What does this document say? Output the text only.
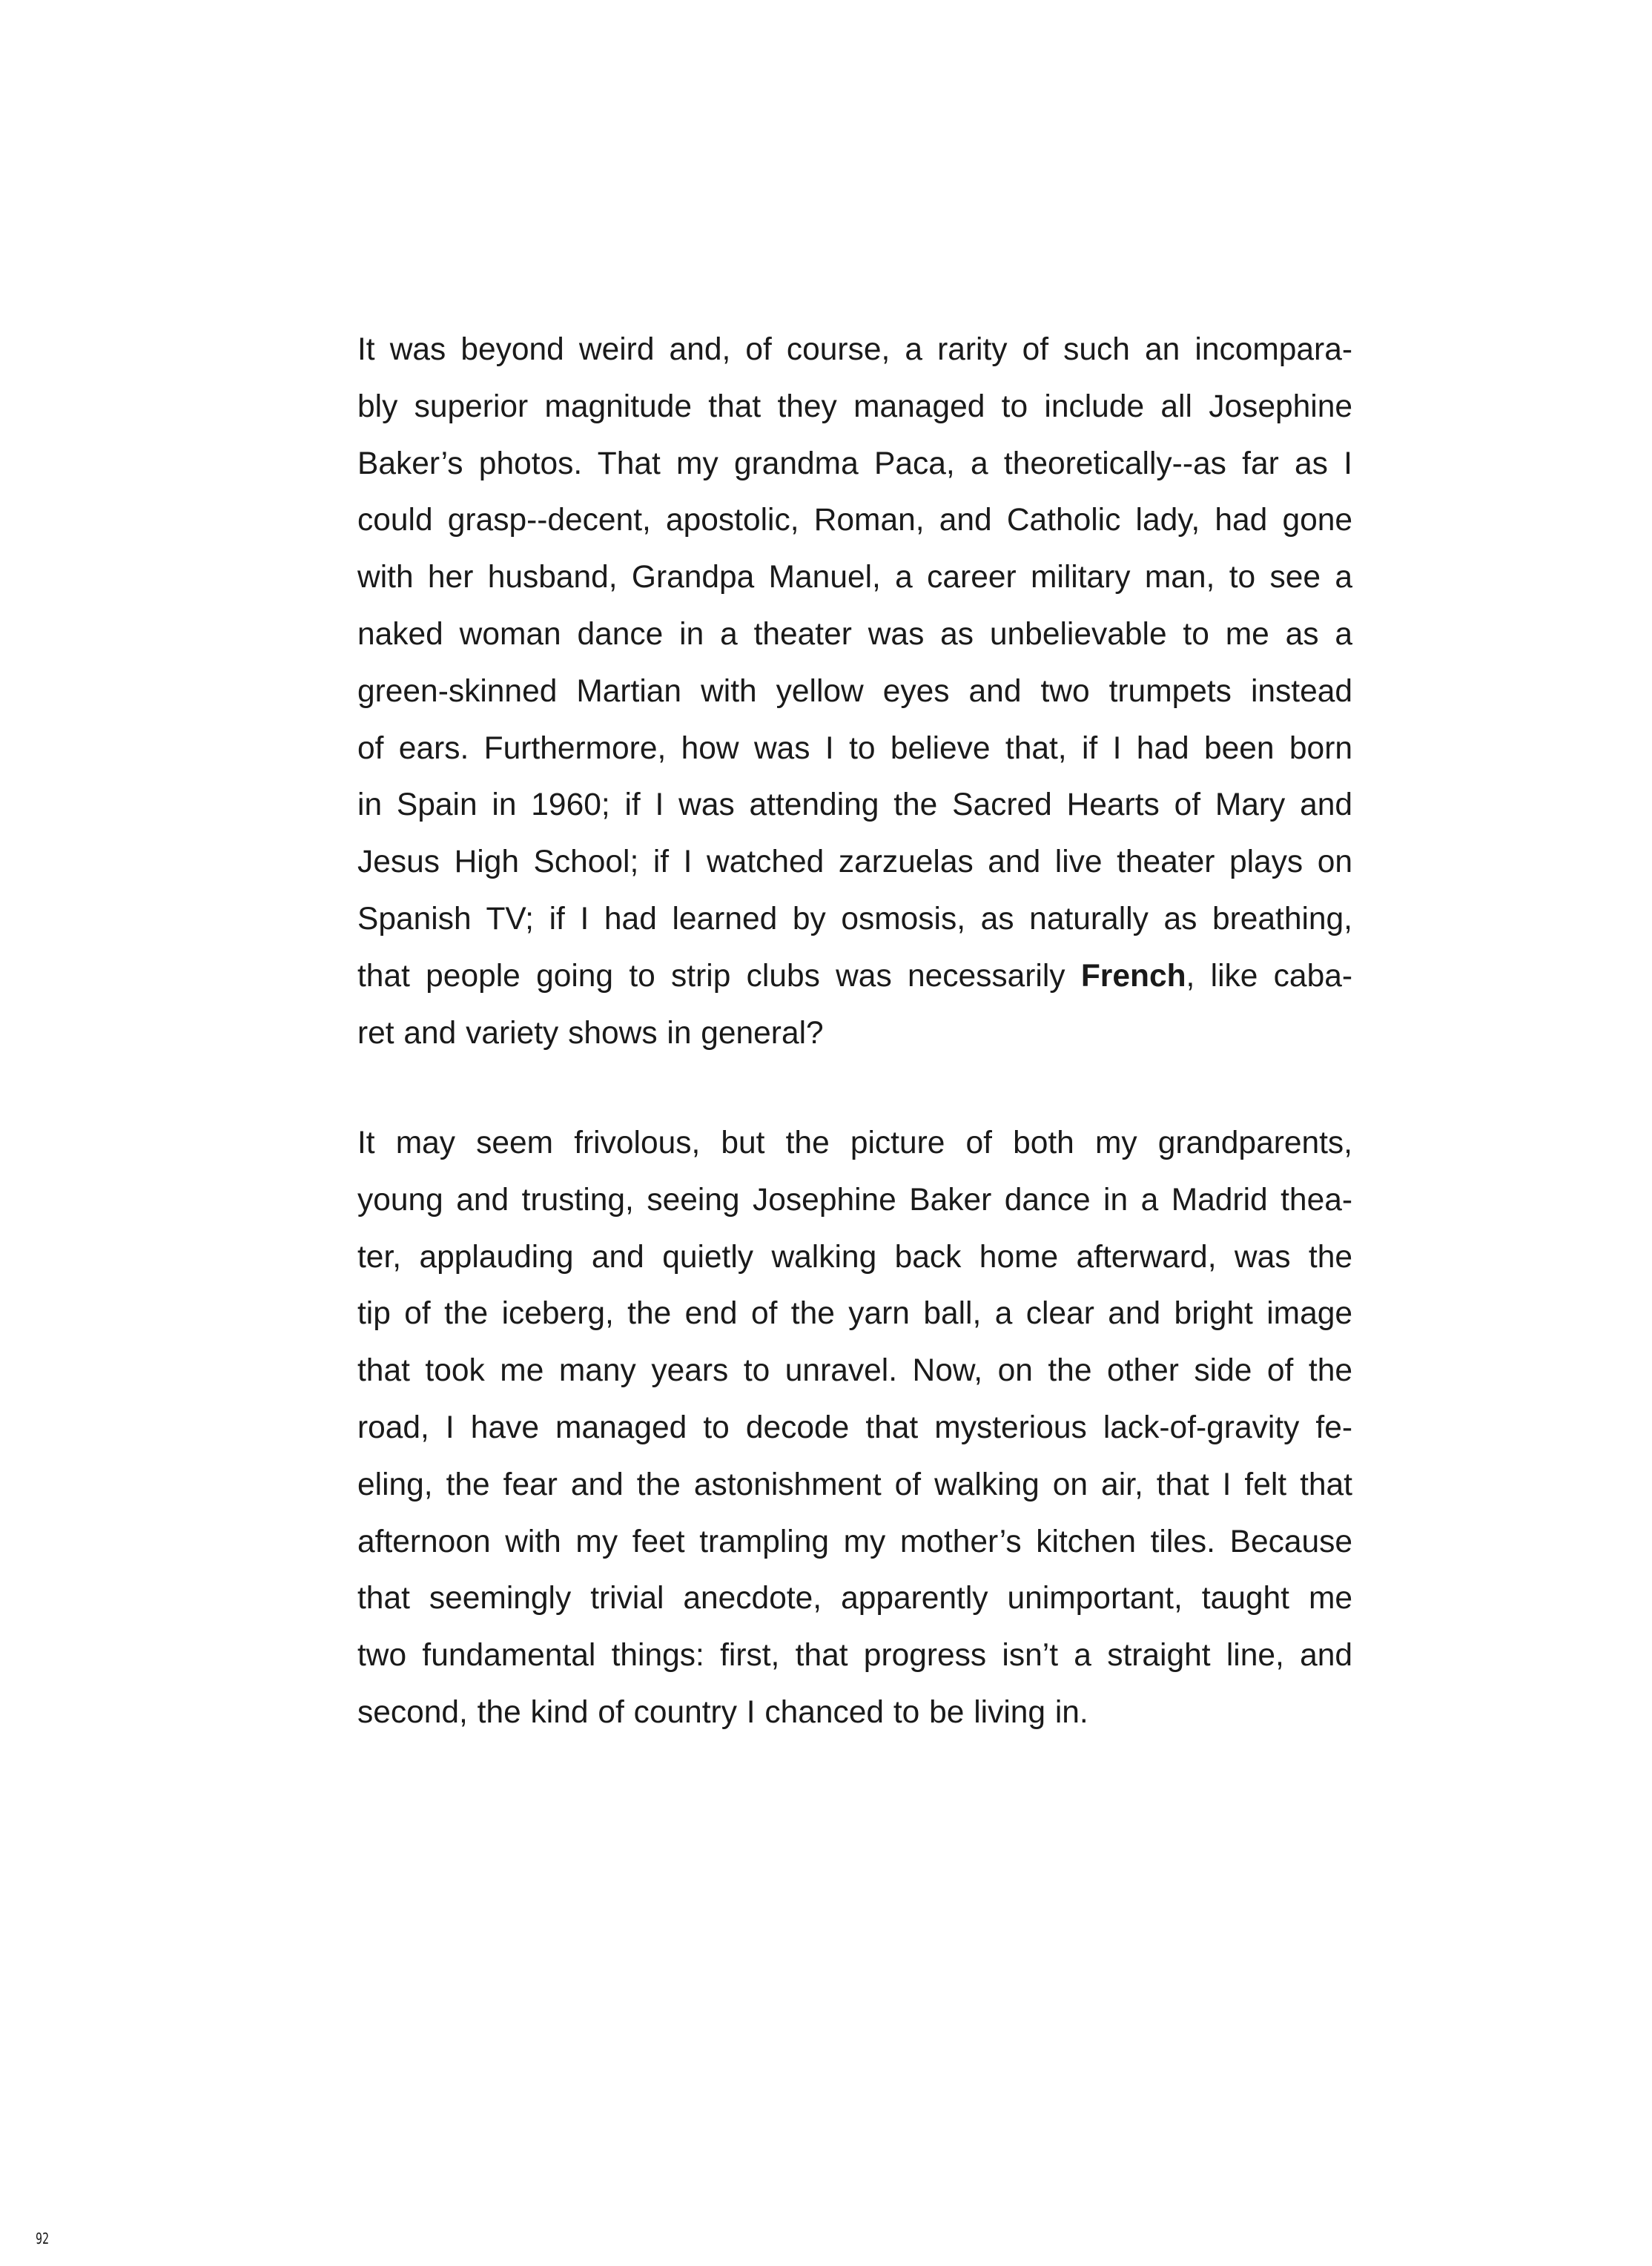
It was beyond weird and, of course, a rarity of such an incompara-
bly superior magnitude that they managed to include all Josephine
Baker’s photos. That my grandma Paca, a theoretically--as far as I
could grasp--decent, apostolic, Roman, and Catholic lady, had gone
with her husband, Grandpa Manuel, a career military man, to see a
naked woman dance in a theater was as unbelievable to me as a
green-skinned Martian with yellow eyes and two trumpets instead
of ears. Furthermore, how was I to believe that, if I had been born
in Spain in 1960; if I was attending the Sacred Hearts of Mary and
Jesus High School; if I watched zarzuelas and live theater plays on
Spanish TV; if I had learned by osmosis, as naturally as breathing,
that people going to strip clubs was necessarily French, like caba-
ret and variety shows in general?
It may seem frivolous, but the picture of both my grandparents,
young and trusting, seeing Josephine Baker dance in a Madrid thea-
ter, applauding and quietly walking back home afterward, was the
tip of the iceberg, the end of the yarn ball, a clear and bright image
that took me many years to unravel. Now, on the other side of the
road, I have managed to decode that mysterious lack-of-gravity fe-
eling, the fear and the astonishment of walking on air, that I felt that
afternoon with my feet trampling my mother’s kitchen tiles. Because
that seemingly trivial anecdote, apparently unimportant, taught me
two fundamental things: first, that progress isn’t a straight line, and
second, the kind of country I chanced to be living in.
92
